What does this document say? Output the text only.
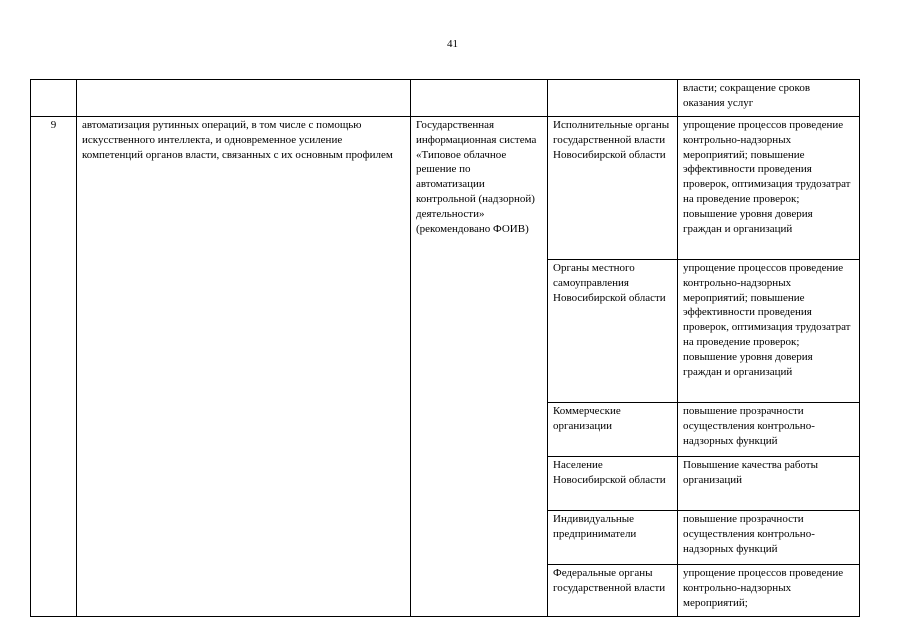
41
				власти; сокращение сроков оказания услуг
9	автоматизация рутинных операций, в том числе с помощью искусственного интеллекта, и одновременное усиление компетенций органов власти, связанных с их основным профилем	Государственная информационная система «Типовое облачное решение по автоматизации контрольной (надзорной) деятельности» (рекомендовано ФОИВ)	Исполнительные органы государственной власти Новосибирской области	упрощение процессов проведение контрольно-надзорных мероприятий; повышение эффективности проведения проверок, оптимизация трудозатрат на проведение проверок; повышение уровня доверия граждан и организаций
			Органы местного самоуправления Новосибирской области	упрощение процессов проведение контрольно-надзорных мероприятий; повышение эффективности проведения проверок, оптимизация трудозатрат на проведение проверок; повышение уровня доверия граждан и организаций
			Коммерческие организации	повышение прозрачности осуществления контрольно-надзорных функций
			Население Новосибирской области	Повышение качества работы организаций
			Индивидуальные предприниматели	повышение прозрачности осуществления контрольно-надзорных функций
			Федеральные органы государственной власти	упрощение процессов проведение контрольно-надзорных мероприятий;
